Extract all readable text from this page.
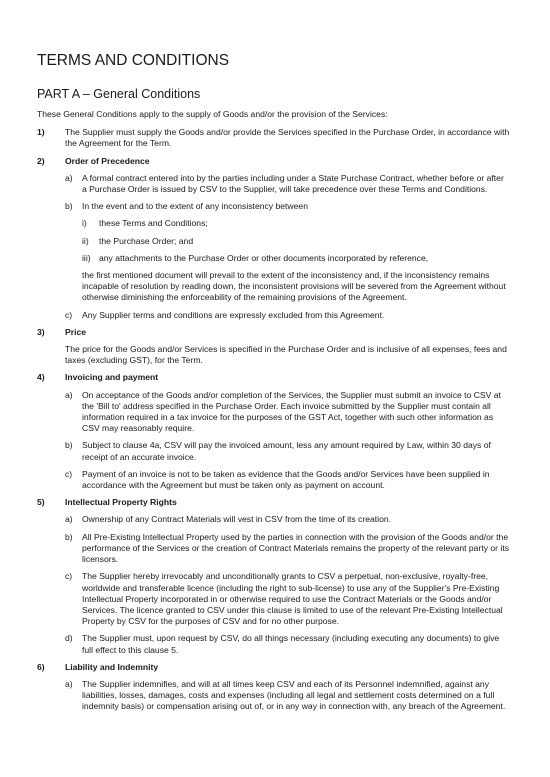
TERMS AND CONDITIONS
PART A – General Conditions

These General Conditions apply to the supply of Goods and/or the provision of the Services:

1)	The Supplier must supply the Goods and/or provide the Services specified in the Purchase Order, in accordance with the Agreement for the Term.
2)	Order of Precedence
a)	A formal contract entered into by the parties including under a State Purchase Contract, whether before or after a Purchase Order is issued by CSV to the Supplier, will take precedence over these Terms and Conditions.
b)	In the event and to the extent of any inconsistency between
i)	these Terms and Conditions;
ii)	the Purchase Order; and
iii) any attachments to the Purchase Order or other documents incorporated by reference,

the first mentioned document will prevail to the extent of the inconsistency and, if the inconsistency remains incapable of resolution by reading down, the inconsistent provisions will be severed from the Agreement without otherwise diminishing the enforceability of the remaining provisions of the Agreement.

c)	Any Supplier terms and conditions are expressly excluded from this Agreement.
3)	Price

The price for the Goods and/or Services is specified in the Purchase Order and is inclusive of all expenses, fees and taxes (excluding GST), for the Term.

4)	Invoicing and payment
a)	On acceptance of the Goods and/or completion of the Services, the Supplier must submit an invoice to CSV at the 'Bill to' address specified in the Purchase Order. Each invoice submitted by the Supplier must contain all information required in a tax invoice for the purposes of the GST Act, together with such other information as CSV may reasonably require.
b)	Subject to clause 4a, CSV will pay the invoiced amount, less any amount required by Law, within 30 days of receipt of an accurate invoice.
c)	Payment of an invoice is not to be taken as evidence that the Goods and/or Services have been supplied in accordance with the Agreement but must be taken only as payment on account.
5)	Intellectual Property Rights
a)	Ownership of any Contract Materials will vest in CSV from the time of its creation.
b)	All Pre-Existing Intellectual Property used by the parties in connection with the provision of the Goods and/or the performance of the Services or the creation of Contract Materials remains the property of the relevant party or its licensors.
c)	The Supplier hereby irrevocably and unconditionally grants to CSV a perpetual, non-exclusive, royalty-free, worldwide and transferable licence (including the right to sub-license) to use any of the Supplier's Pre-Existing Intellectual Property incorporated in or otherwise required to use the Contract Materials or the Goods and/or Services. The licence granted to CSV under this clause is limited to use of the relevant Pre-Existing Intellectual Property by CSV for the purposes of CSV and for no other purpose.
d)	The Supplier must, upon request by CSV, do all things necessary (including executing any documents) to give full effect to this clause 5.
6)	Liability and Indemnity
a)	The Supplier indemnifies, and will at all times keep CSV and each of its Personnel indemnified, against any liabilities, losses, damages, costs and expenses (including all legal and settlement costs determined on a full indemnity basis) or compensation arising out of, or in any way in connection with, any breach of the Agreement.
